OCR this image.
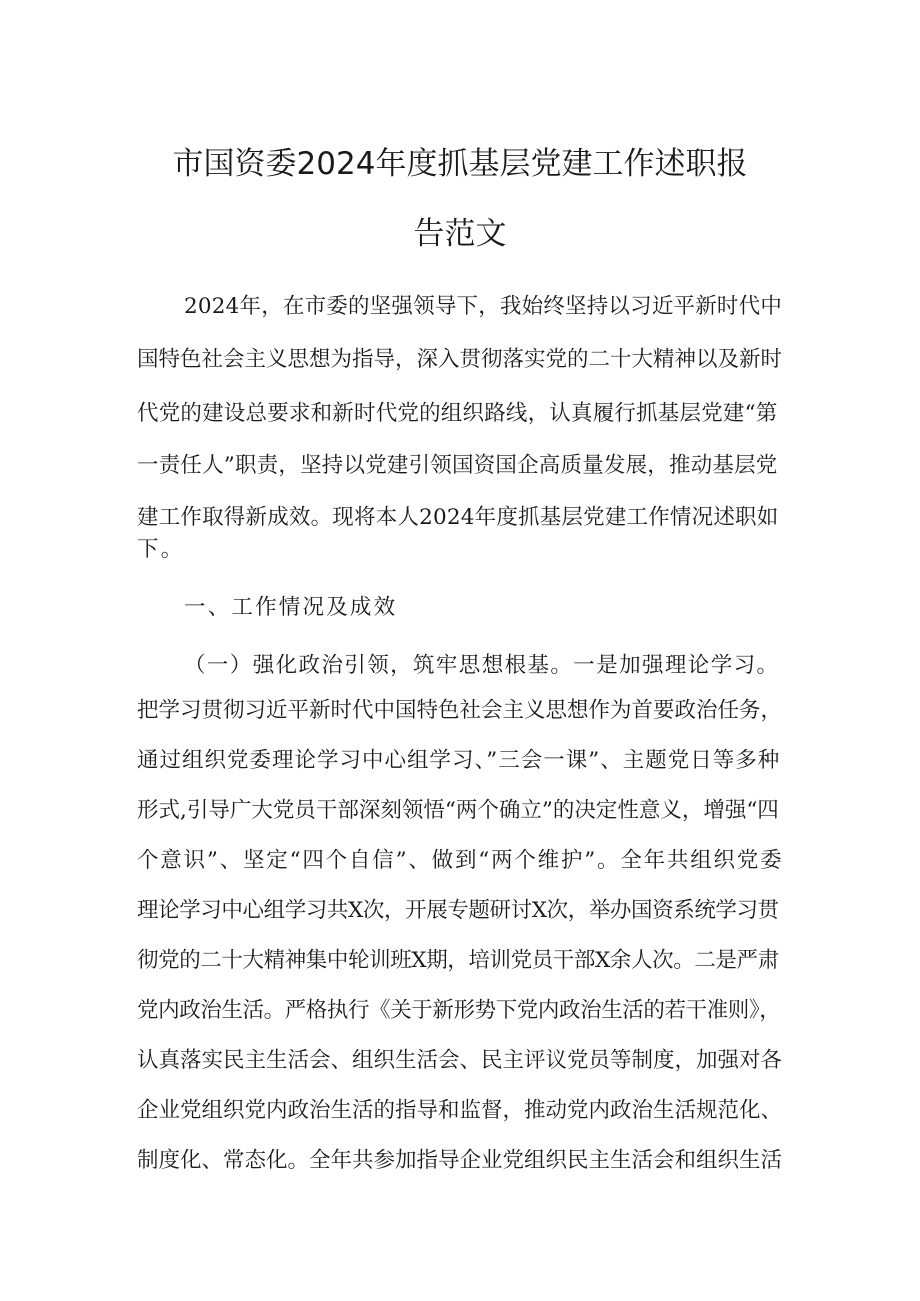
市国资委2024年度抓基层党建工作述职报
告范文
2024年，在市委的坚强领导下，我始终坚持以习近平新时代中
国特色社会主义思想为指导，深入贯彻落实党的二十大精神以及新时
代党的建设总要求和新时代党的组织路线，认真履行抓基层党建“第
一责任人”职责，坚持以党建引领国资国企高质量发展，推动基层党
建工作取得新成效。现将本人2024年度抓基层党建工作情况述职如
下。
一、工作情况及成效
（一）强化政治引领，筑牢思想根基。一是加强理论学习。
把学习贯彻习近平新时代中国特色社会主义思想作为首要政治任务，
通过组织党委理论学习中心组学习、”三会一课”、主题党日等多种
形式,引导广大党员干部深刻领悟“两个确立”的决定性意义，增强“四
个意识”、坚定“四个自信”、做到“两个维护”。全年共组织党委
理论学习中心组学习共X次，开展专题研讨X次，举办国资系统学习贯
彻党的二十大精神集中轮训班X期，培训党员干部X余人次。二是严肃
党内政治生活。严格执行《关于新形势下党内政治生活的若干准则》，
认真落实民主生活会、组织生活会、民主评议党员等制度，加强对各
企业党组织党内政治生活的指导和监督，推动党内政治生活规范化、
制度化、常态化。全年共参加指导企业党组织民主生活会和组织生活
